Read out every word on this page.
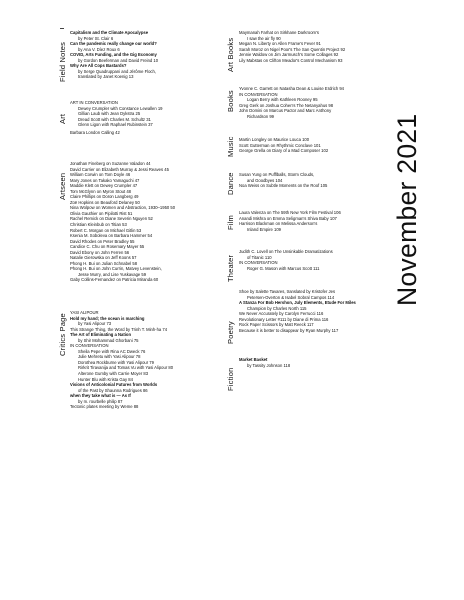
Field Notes
Capitalism and the Climate Apocalypse
by Peter St. Clair 6
Can the pandemic really change our world?
by Ana V. Díez Roux 6
COVID, Arts Funding, and the Gig Economy
by Gordon Beeferman and David Freind 10
Why Are All Cops Bastards?
by Serge Quadruppani and Jérôme Floch,
translated by Janet Koenig 13
Art
ART IN CONVERSATION
Dewey Crumpler with Constance Lewallen 19
Gillian Laub with Jean Dykstra 25
Dread Scott with Charles M. Schultz 31
Glenn Ligon with Raphael Rubinstein 37
Barbara London Calling 42
Artseen
Jonathan Fineberg on Suzanne Valadon 44
David Carrier on Elizabeth Murray & Jessi Reaves 45
William Corwin on Tom Doyle 46
Mary Jones on Takako Yamaguchi 47
Maddie Klett on Dewey Crumpler 47
Tom McGlynn on Myron Stout 48
Claire Phillips on Doron Langberg 49
Zoë Hopkins on Beauford Delaney 50
Nina Wolpow on Women and Abstraction, 1930–1950 50
Olivia Gauthier on Pipilotti Rist 51
Rachel Remick on Diane Severin Nguyen 52
Christian Kleinbub on Titian 53
Robert C. Morgan on Michael Gitlin 53
Ksenia M. Soboleva on Barbara Hammer 54
David Rhodes on Peter Bradley 55
Candice C. Chu on Rosemary Mayer 55
David Ebony on John Ferren 56
Natalie Gierowska on Jeff Koons 57
Phong H. Bui on Julian Schnabel 58
Phong H. Bui on John Currin, Matvey Levenstein,
Jesse Murry, and Lise Yuskavage 59
Gaby Collins-Fernandez on Patricia Miranda 60
Critics Page
YASI ALIPOUR
Hold my hand; the ocean is marching
by Yasi Alipour 73
This Strange Thing, the Word by Trinh T. Minh-ha 74
The Art of Eliminating a Nation
by Shir Mohammad Ghorbani 75
IN CONVERSATION
Sheila Pepe with Rina AC Dweck 76
Julie Mehretu with Yasi Alipour 78
Dorothea Rockburne with Yasi Alipour 79
Rirkrit Tiravanija and Tomas Vu with Yasi Alipour 80
Alterone Gumby with Carrie Moyer 83
Hunter Blu with Krista Gay 84
Visions of Anticolonial Futures from Worlds
of the Past by Shaunna Rodrigues 86
when they take what is — As If
by m. rourbelle philip 87
Tectonic plates meeting by Weme 88
Art Books
Maymanah Farhat on Sirkhane Darkroom's
I saw the air fly 90
Megan N. Liberty on Allen Frame's Fever 91
Sarah Moroz on Nigel Poor's The San Quentin Project 92
Jennie Waldow on Jim Jarmusch's Some Collages 92
Lily Mabstas on Clifton Meador's Control Mechanism 93
Books
Yvonne C. Garrett on Natasha Dean & Louise Erdrich 94
IN CONVERSATION
Logan Berry with Kathleen Rooney 95
Greg Gerk on Joshua Cohen's The Netanyahus 98
John Domini on Marcus Pactor and Marc Anthony
Richardson 99
Music Martin Longley on Maurice Louca 100
Scott Gutterman on Rhythmic Conclave 101
George Grella on Diary of a Mad Composer 102
Dance Susan Yung on Pufflballs, Storm Clouds,
and Goodbyes 104
Noa Weiss on Subtle Moments on the Roof 105
Film
Laura Valenza on The 59th New York Film Festival 106
Anandi Mishra on Emma Seligman's Shiva Baby 107
Harrison Blackman on Melissa Anderson's
Inland Empire 109
Theater
Judith C. Lovell on The Unsinkable Dramatizations
of Titanic 110
IN CONVERSATION
Roger G. Mason with Marcus Scott 111
Poetry
Shoe by Salette Tavares, translated by Kristofer Jes
Petersen-Overton & Isabel Sobral Campos 114
A Stanza For Bob Hershon, July Elements, Etude For Miles
Champion by Charles North 115
We Never Accurately by Carolyn Ferrucci 116
Revolutionary Letter #111 by Diane di Prima 116
Rock Paper Scissors by Matt Reeck 117
Because it is better to disappear by Ryan Murphy 117
Fiction
Market Basket
by Tassity Johnson 118
November 2021
